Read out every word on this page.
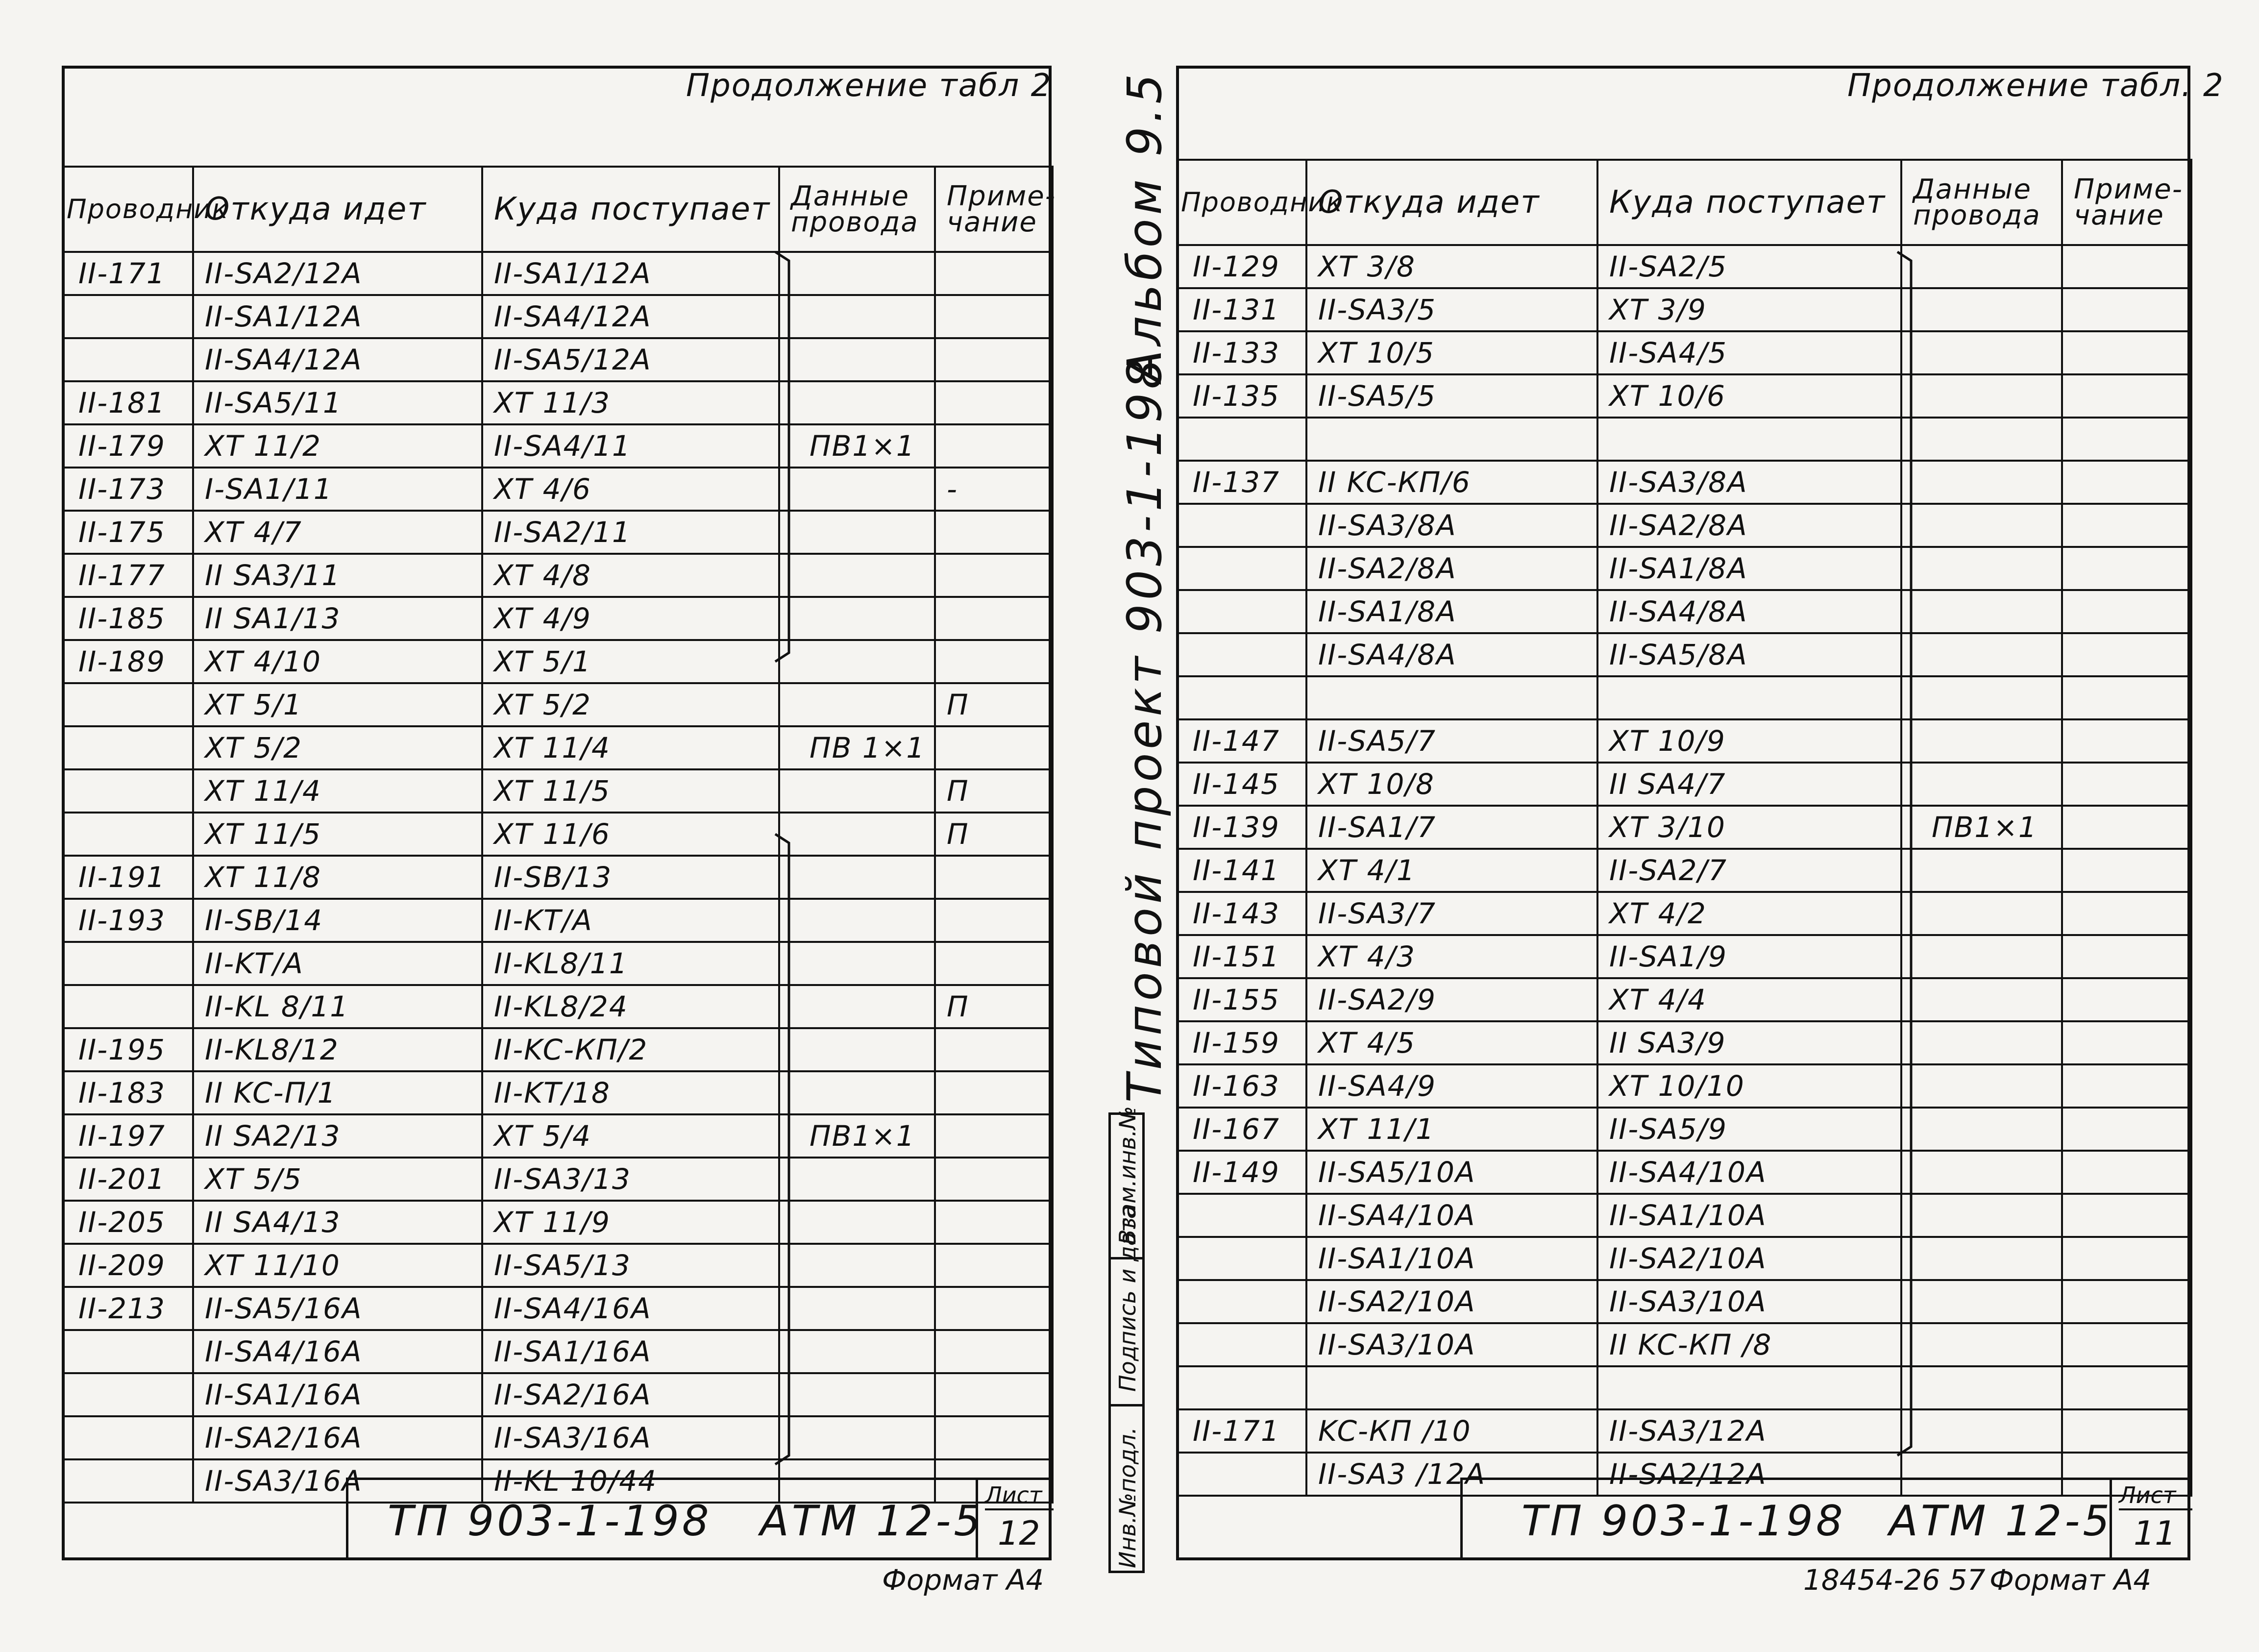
Продолжение табл 2
Проводник	Откуда идет	Куда поступает	Данные провода	Приме-чание
II-171	II-SA2/12A	II-SA1/12A		
	II-SA1/12A	II-SA4/12A		
	II-SA4/12A	II-SA5/12A		
II-181	II-SA5/11	XT 11/3		
II-179	XT 11/2	II-SA4/11	ПВ1×1	
II-173	I-SA1/11	XT 4/6		-
II-175	XT 4/7	II-SA2/11		
II-177	II SA3/11	XT 4/8		
II-185	II SA1/13	XT 4/9		
II-189	XT 4/10	XT 5/1		
	XT 5/1	XT 5/2		П
	XT 5/2	XT 11/4	ПВ 1×1	
	XT 11/4	XT 11/5		П
	XT 11/5	XT 11/6		П
II-191	XT 11/8	II-SB/13		
II-193	II-SB/14	II-KT/A		
	II-KT/A	II-KL8/11		
	II-KL 8/11	II-KL8/24		П
II-195	II-KL8/12	II-KC-КП/2		
II-183	II KC-П/1	II-KT/18		
II-197	II SA2/13	XT 5/4	ПВ1×1	
II-201	XT 5/5	II-SA3/13		
II-205	II SA4/13	XT 11/9		
II-209	XT 11/10	II-SA5/13		
II-213	II-SA5/16A	II-SA4/16A		
	II-SA4/16A	II-SA1/16A		
	II-SA1/16A	II-SA2/16A		
	II-SA2/16A	II-SA3/16A		
	II-SA3/16A	II-KL 10/44		
ТП 903-1-198 АТМ 12-5
Лист
12
Формат А4
Альбом 9.5
Типовой проект 903-1-198
Инв.№подл.
Подпись и дата
Взам.инв.№
Продолжение табл. 2
Проводник	Откуда идет	Куда поступает	Данные провода	Приме-чание
II-129	XT 3/8	II-SA2/5		
II-131	II-SA3/5	XT 3/9		
II-133	XT 10/5	II-SA4/5		
II-135	II-SA5/5	XT 10/6		

II-137	II KC-КП/6	II-SA3/8A		
	II-SA3/8A	II-SA2/8A		
	II-SA2/8A	II-SA1/8A		
	II-SA1/8A	II-SA4/8A		
	II-SA4/8A	II-SA5/8A		

II-147	II-SA5/7	XT 10/9		
II-145	XT 10/8	II SA4/7		
II-139	II-SA1/7	XT 3/10	ПВ1×1	
II-141	XT 4/1	II-SA2/7		
II-143	II-SA3/7	XT 4/2		
II-151	XT 4/3	II-SA1/9		
II-155	II-SA2/9	XT 4/4		
II-159	XT 4/5	II SA3/9		
II-163	II-SA4/9	XT 10/10		
II-167	XT 11/1	II-SA5/9		
II-149	II-SA5/10A	II-SA4/10A		
	II-SA4/10A	II-SA1/10A		
	II-SA1/10A	II-SA2/10A		
	II-SA2/10A	II-SA3/10A		
	II-SA3/10A	II KC-КП /8		

II-171	KC-КП /10	II-SA3/12A		
	II-SA3 /12A	II-SA2/12A		
ТП 903-1-198 АТМ 12-5
Лист
11
18454-26 57 Формат А4
